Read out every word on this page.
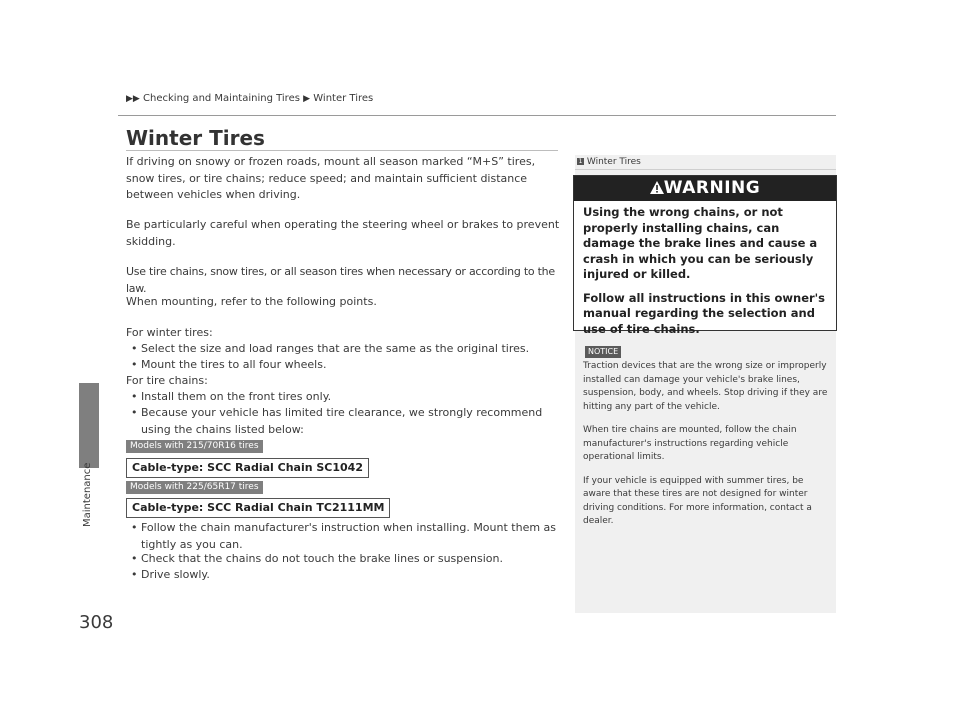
▶▶ Checking and Maintaining Tires ▶ Winter Tires
Maintenance
308
Winter Tires
If driving on snowy or frozen roads, mount all season marked “M+S” tires, snow tires, or tire chains; reduce speed; and maintain sufficient distance between vehicles when driving.
Be particularly careful when operating the steering wheel or brakes to prevent skidding.
Use tire chains, snow tires, or all season tires when necessary or according to the law.
When mounting, refer to the following points.
For winter tires:
• Select the size and load ranges that are the same as the original tires.
• Mount the tires to all four wheels.
For tire chains:
• Install them on the front tires only.
• Because your vehicle has limited tire clearance, we strongly recommend using the chains listed below:
Models with 215/70R16 tires
Cable-type: SCC Radial Chain SC1042
Models with 225/65R17 tires
Cable-type: SCC Radial Chain TC2111MM
• Follow the chain manufacturer's instruction when installing. Mount them as tightly as you can.
• Check that the chains do not touch the brake lines or suspension.
• Drive slowly.
1 Winter Tires
WARNING
Using the wrong chains, or not properly installing chains, can damage the brake lines and cause a crash in which you can be seriously injured or killed.
Follow all instructions in this owner's manual regarding the selection and use of tire chains.
NOTICE

Traction devices that are the wrong size or improperly installed can damage your vehicle's brake lines, suspension, body, and wheels. Stop driving if they are hitting any part of the vehicle.

When tire chains are mounted, follow the chain manufacturer's instructions regarding vehicle operational limits.

If your vehicle is equipped with summer tires, be aware that these tires are not designed for winter driving conditions. For more information, contact a dealer.
